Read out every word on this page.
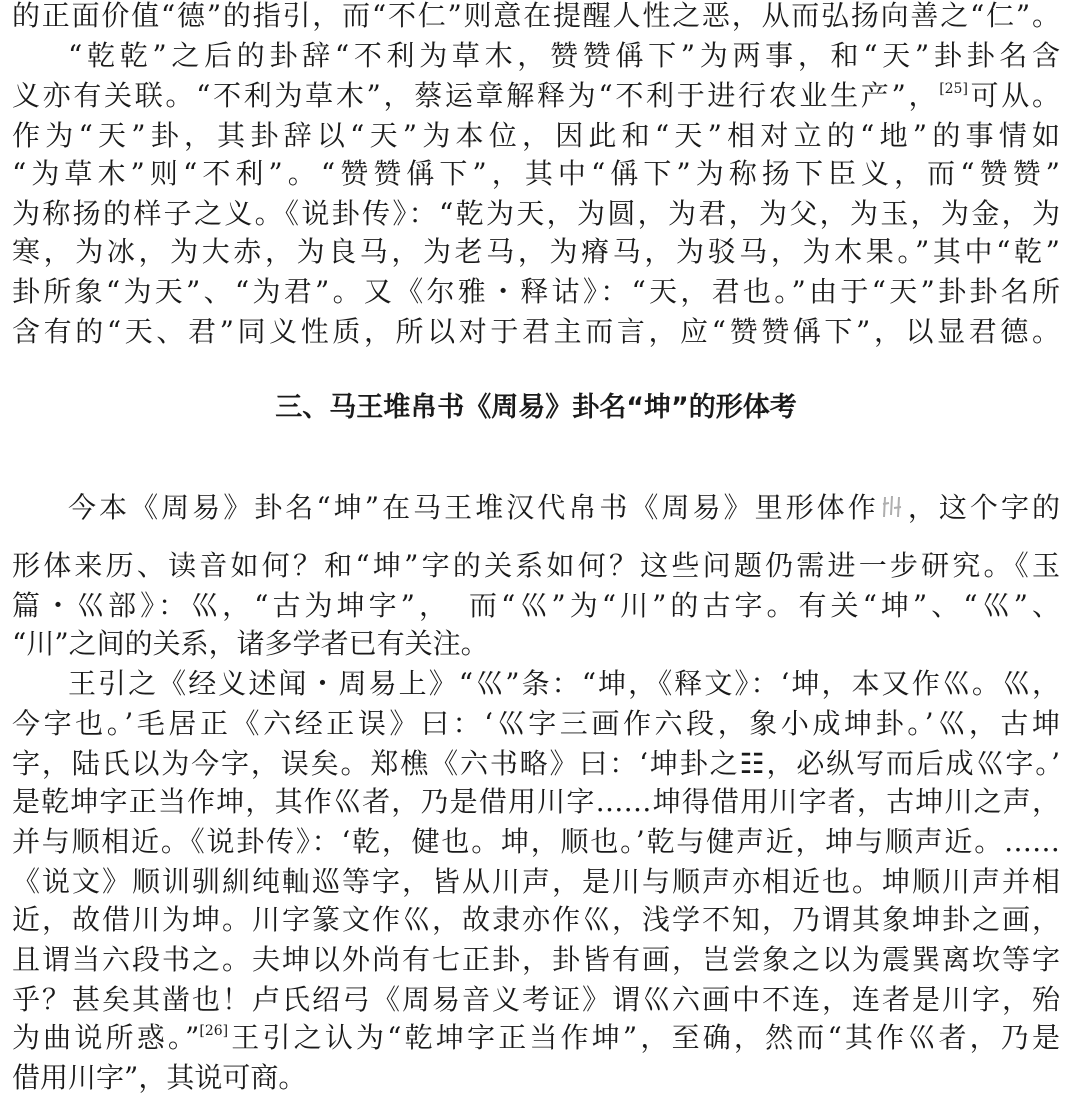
的正面价值“德”的指引，而“不仁”则意在提醒人性之恶，从而弘扬向善之“仁”。
“乾乾”之后的卦辞“不利为草木，赞赞偁下”为两事，和“天”卦卦名含
义亦有关联。“不利为草木”，蔡运章解释为“不利于进行农业生产”，[25]可从。
作为“天”卦，其卦辞以“天”为本位，因此和“天”相对立的“地”的事情如
“为草木”则“不利”。“赞赞偁下”，其中“偁下”为称扬下臣义，而“赞赞”
为称扬的样子之义。《说卦传》：“乾为天，为圆，为君，为父，为玉，为金，为
寒，为冰，为大赤，为良马，为老马，为瘠马，为驳马，为木果。”其中“乾”
卦所象“为天”、“为君”。又《尔雅・释诂》：“天，君也。”由于“天”卦卦名所
含有的“天、君”同义性质，所以对于君主而言，应“赞赞偁下”，以显君德。
三、马王堆帛书《周易》卦名“坤”的形体考
今本《周易》卦名“坤”在马王堆汉代帛书《周易》里形体作 ，这个字的
形体来历、读音如何？和“坤”字的关系如何？这些问题仍需进一步研究。《玉
篇・巛部》：巛，“古为坤字”，　而“巛”为“川”的古字。有关“坤”、“巛”、
“川”之间的关系，诸多学者已有关注。
王引之《经义述闻・周易上》“巛”条：“坤，《释文》：‘坤，本又作巛。巛，
今字也。’毛居正《六经正误》曰：‘巛字三画作六段，象小成坤卦。’巛，古坤
字，陆氏以为今字，误矣。郑樵《六书略》曰：‘坤卦之☷，必纵写而后成巛字。’
是乾坤字正当作坤，其作巛者，乃是借用川字……坤得借用川字者，古坤川之声，
并与顺相近。《说卦传》：‘乾，健也。坤，顺也。’乾与健声近，坤与顺声近。……
《说文》顺训驯紃纯軕巡等字，皆从川声，是川与顺声亦相近也。坤顺川声并相
近，故借川为坤。川字篆文作巛，故隶亦作巛，浅学不知，乃谓其象坤卦之画，
且谓当六段书之。夫坤以外尚有七正卦，卦皆有画，岂尝象之以为震巽离坎等字
乎？甚矣其凿也！卢氏绍弓《周易音义考证》谓巛六画中不连，连者是川字，殆
为曲说所惑。”[26]王引之认为“乾坤字正当作坤”，至确，然而“其作巛者，乃是
借用川字”，其说可商。
